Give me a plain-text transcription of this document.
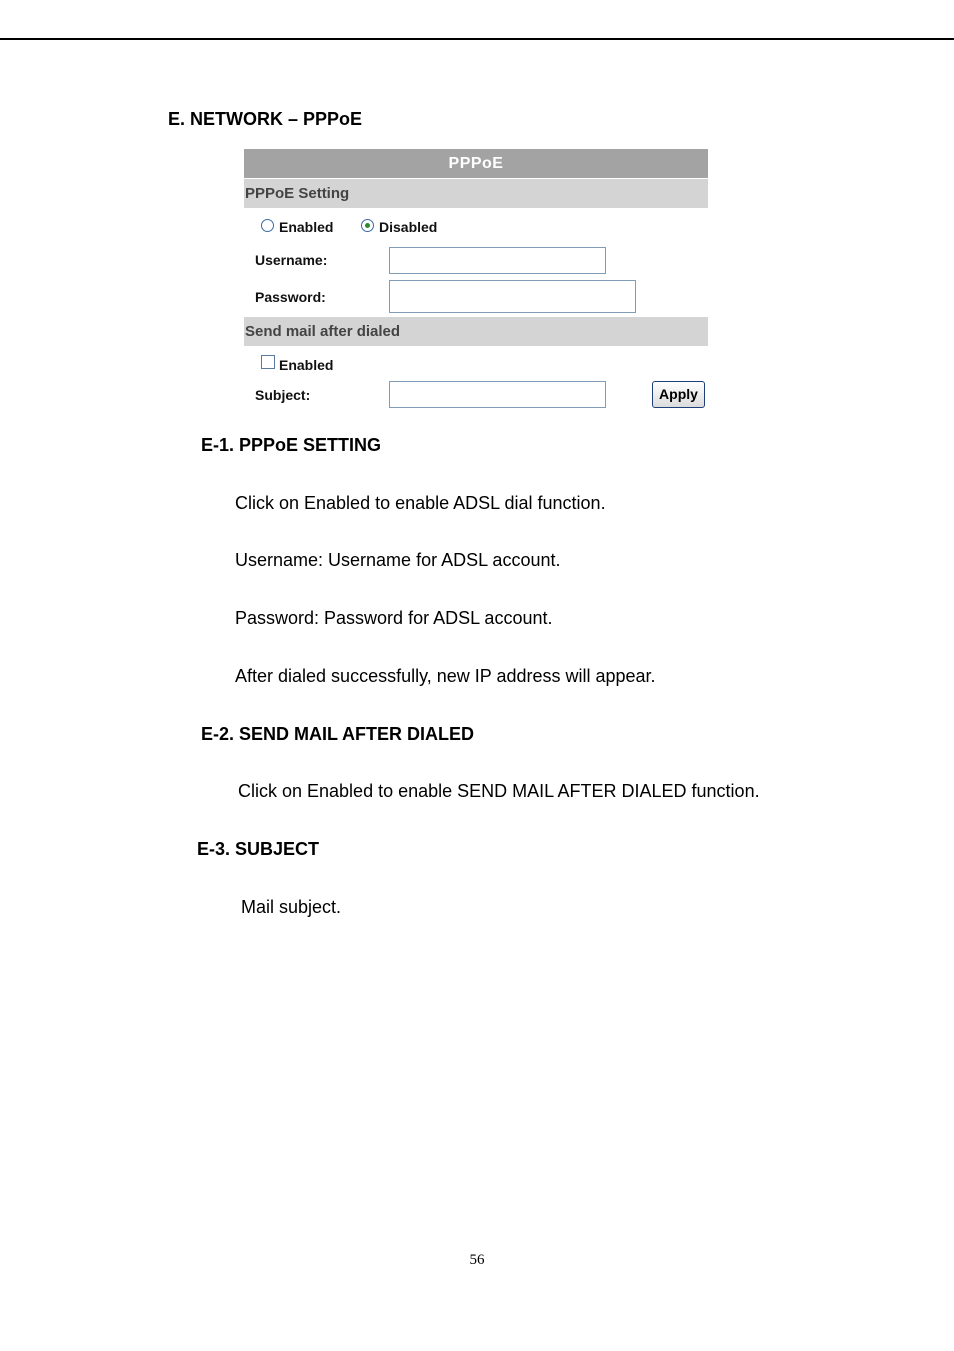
E. NETWORK – PPPoE
PPPoE
PPPoE Setting
Enabled	Disabled
Username:
Password:
Send mail after dialed
Enabled
Subject:	Apply
E-1. PPPoE SETTING
Click on Enabled to enable ADSL dial function.
Username: Username for ADSL account.
Password: Password for ADSL account.
After dialed successfully, new IP address will appear.
E-2. SEND MAIL AFTER DIALED
Click on Enabled to enable SEND MAIL AFTER DIALED function.
E-3. SUBJECT
Mail subject.
56
